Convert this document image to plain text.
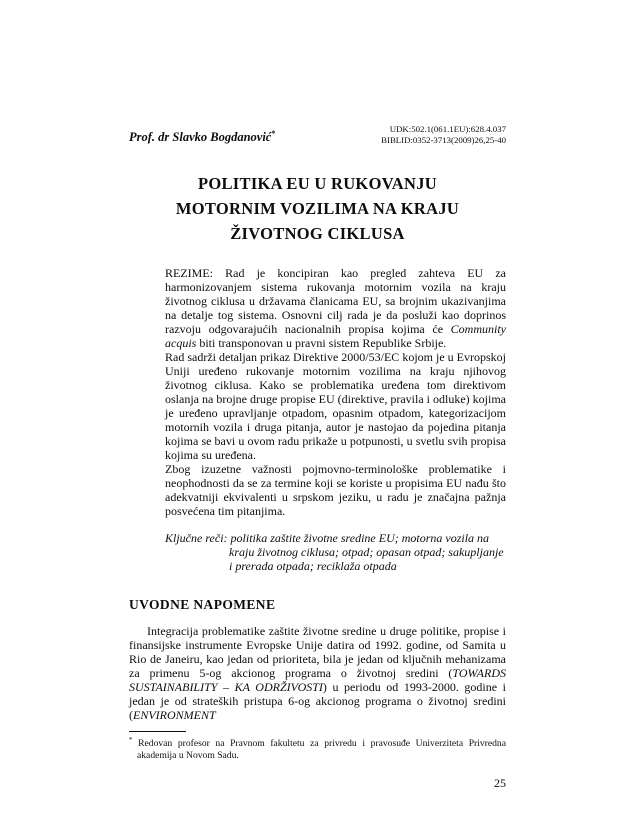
Prof. dr Slavko Bogdanović*	UDK:502.1(061.1EU):628.4.037
BIBLID:0352-3713(2009)26,25-40
POLITIKA EU U RUKOVANJU
MOTORNIM VOZILIMA NA KRAJU
ŽIVOTNOG CIKLUSA

REZIME: Rad je koncipiran kao pregled zahteva EU za harmonizovanjem sistema rukovanja motornim vozila na kraju životnog ciklusa u državama članicama EU, sa brojnim ukazivanjima na detalje tog sistema. Osnovni cilj rada je da posluži kao doprinos razvoju odgovarajućih nacionalnih propisa kojima će Community acquis biti transponovan u pravni sistem Republike Srbije.

Rad sadrži detaljan prikaz Direktive 2000/53/EC kojom je u Evropskoj Uniji uređeno rukovanje motornim vozilima na kraju njihovog životnog ciklusa. Kako se problematika uređena tom direktivom oslanja na brojne druge propise EU (direktive, pravila i odluke) kojima je uređeno upravljanje otpadom, opasnim otpadom, kategorizacijom motornih vozila i druga pitanja, autor je nastojao da pojedina pitanja kojima se bavi u ovom radu prikaže u potpunosti, u svetlu svih propisa kojima su uređena.

Zbog izuzetne važnosti pojmovno-terminološke problematike i neophodnosti da se za termine koji se koriste u propisima EU nađu što adekvatniji ekvivalenti u srpskom jeziku, u radu je značajna pažnja posvećena tim pitanjima.

Ključne reči: politika zaštite životne sredine EU; motorna vozila na kraju životnog ciklusa; otpad; opasan otpad; sakupljanje i prerada otpada; reciklaža otpada
UVODNE NAPOMENE

Integracija problematike zaštite životne sredine u druge politike, propise i finansijske instrumente Evropske Unije datira od 1992. godine, od Samita u Rio de Janeiru, kao jedan od prioriteta, bila je jedan od ključnih mehanizama za primenu 5-og akcionog programa o životnoj sredini (TOWARDS SUSTAINABILITY – KA ODRŽIVOSTI) u periodu od 1993-2000. godine i jedan je od strateških pristupa 6-og akcionog programa o životnoj sredini (ENVIRONMENT

* Redovan profesor na Pravnom fakultetu za privredu i pravosuđe Univerziteta Privredna akademija u Novom Sadu.

25
